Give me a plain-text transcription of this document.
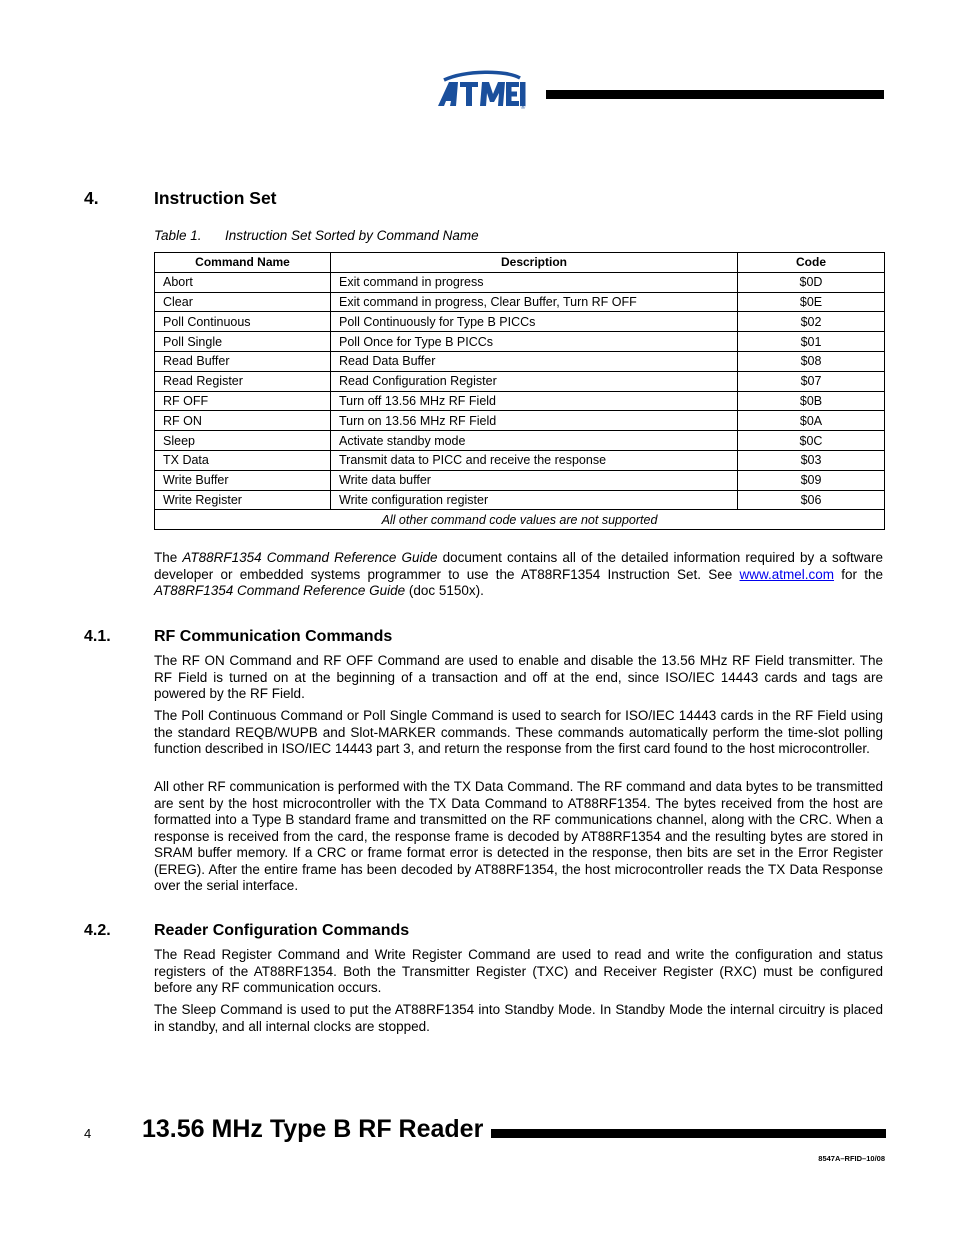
®
4.	Instruction Set
Table 1. Instruction Set Sorted by Command Name
Command Name	Description	Code
Abort	Exit command in progress	$0D
Clear	Exit command in progress, Clear Buffer, Turn RF OFF	$0E
Poll Continuous	Poll Continuously for Type B PICCs	$02
Poll Single	Poll Once for Type B PICCs	$01
Read Buffer	Read Data Buffer	$08
Read Register	Read Configuration Register	$07
RF OFF	Turn off 13.56 MHz RF Field	$0B
RF ON	Turn on 13.56 MHz RF Field	$0A
Sleep	Activate standby mode	$0C
TX Data	Transmit data to PICC and receive the response	$03
Write Buffer	Write data buffer	$09
Write Register	Write configuration register	$06
All other command code values are not supported		

The AT88RF1354 Command Reference Guide document contains all of the detailed information required by a software developer or embedded systems programmer to use the AT88RF1354 Instruction Set. See www.atmel.com for the AT88RF1354 Command Reference Guide (doc 5150x).

4.1.	RF Communication Commands

The RF ON Command and RF OFF Command are used to enable and disable the 13.56 MHz RF Field transmitter. The RF Field is turned on at the beginning of a transaction and off at the end, since ISO/IEC 14443 cards and tags are powered by the RF Field.

The Poll Continuous Command or Poll Single Command is used to search for ISO/IEC 14443 cards in the RF Field using the standard REQB/WUPB and Slot-MARKER commands. These commands automatically perform the time-slot polling function described in ISO/IEC 14443 part 3, and return the response from the first card found to the host microcontroller.

All other RF communication is performed with the TX Data Command. The RF command and data bytes to be transmitted are sent by the host microcontroller with the TX Data Command to AT88RF1354. The bytes received from the host are formatted into a Type B standard frame and transmitted on the RF communications channel, along with the CRC. When a response is received from the card, the response frame is decoded by AT88RF1354 and the resulting bytes are stored in SRAM buffer memory. If a CRC or frame format error is detected in the response, then bits are set in the Error Register (EREG). After the entire frame has been decoded by AT88RF1354, the host microcontroller reads the TX Data Response over the serial interface.

4.2.	Reader Configuration Commands

The Read Register Command and Write Register Command are used to read and write the configuration and status registers of the AT88RF1354. Both the Transmitter Register (TXC) and Receiver Register (RXC) must be configured before any RF communication occurs.

The Sleep Command is used to put the AT88RF1354 into Standby Mode. In Standby Mode the internal circuitry is placed in standby, and all internal clocks are stopped.

4 13.56 MHz Type B RF Reader
8547A–RFID–10/08
